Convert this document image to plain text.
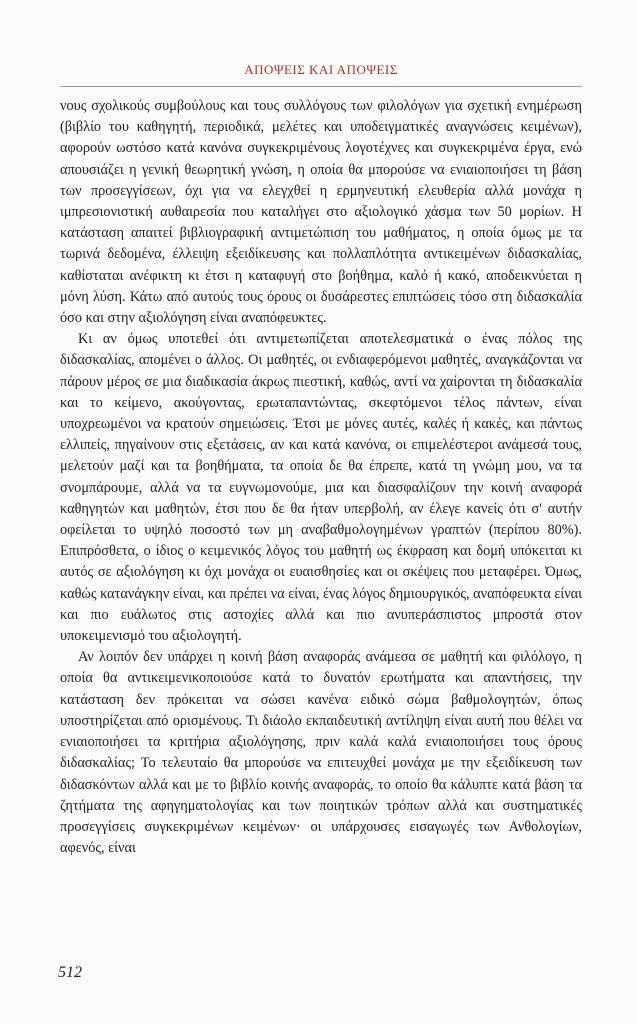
ΑΠΟΨΕΙΣ ΚΑΙ ΑΠΟΨΕΙΣ

νους σχολικούς συμβούλους και τους συλλόγους των φιλολόγων για σχετική ενημέρωση (βιβλίο του καθηγητή, περιοδικά, μελέτες και υποδειγματικές αναγνώσεις κειμένων), αφορούν ωστόσο κατά κανόνα συγκεκριμένους λογοτέχνες και συγκεκριμένα έργα, ενώ απουσιάζει η γενική θεωρητική γνώση, η οποία θα μπορούσε να ενιαιοποιήσει τη βάση των προσεγγίσεων, όχι για να ελεγχθεί η ερμηνευτική ελευθερία αλλά μονάχα η ιμπρεσιονιστική αυθαιρεσία που καταλήγει στο αξιολογικό χάσμα των 50 μορίων. Η κατάσταση απαιτεί βιβλιογραφική αντιμετώπιση του μαθήματος, η οποία όμως με τα τωρινά δεδομένα, έλλειψη εξειδίκευσης και πολλαπλότητα αντικειμένων διδασκαλίας, καθίσταται ανέφικτη κι έτσι η καταφυγή στο βοήθημα, καλό ή κακό, αποδεικνύεται η μόνη λύση. Κάτω από αυτούς τους όρους οι δυσάρεστες επιπτώσεις τόσο στη διδασκαλία όσο και στην αξιολόγηση είναι αναπόφευκτες.

Κι αν όμως υποτεθεί ότι αντιμετωπίζεται αποτελεσματικά ο ένας πόλος της διδασκαλίας, απομένει ο άλλος. Οι μαθητές, οι ενδιαφερόμενοι μαθητές, αναγκάζονται να πάρουν μέρος σε μια διαδικασία άκρως πιεστική, καθώς, αντί να χαίρονται τη διδασκαλία και το κείμενο, ακούγοντας, ερωταπαντώντας, σκεφτόμενοι τέλος πάντων, είναι υποχρεωμένοι να κρατούν σημειώσεις. Έτσι με μόνες αυτές, καλές ή κακές, και πάντως ελλιπείς, πηγαίνουν στις εξετάσεις, αν και κατά κανόνα, οι επιμελέστεροι ανάμεσά τους, μελετούν μαζί και τα βοηθήματα, τα οποία δε θα έπρεπε, κατά τη γνώμη μου, να τα σνομπάρουμε, αλλά να τα ευγνωμονούμε, μια και διασφαλίζουν την κοινή αναφορά καθηγητών και μαθητών, έτσι που δε θα ήταν υπερβολή, αν έλεγε κανείς ότι σ' αυτήν οφείλεται το υψηλό ποσοστό των μη αναβαθμολογημένων γραπτών (περίπου 80%). Επιπρόσθετα, ο ίδιος ο κειμενικός λόγος του μαθητή ως έκφραση και δομή υπόκειται κι αυτός σε αξιολόγηση κι όχι μονάχα οι ευαισθησίες και οι σκέψεις που μεταφέρει. Όμως, καθώς κατανάγκην είναι, και πρέπει να είναι, ένας λόγος δημιουργικός, αναπόφευκτα είναι και πιο ευάλωτος στις αστοχίες αλλά και πιο ανυπεράσπιστος μπροστά στον υποκειμενισμό του αξιολογητή.

Αν λοιπόν δεν υπάρχει η κοινή βάση αναφοράς ανάμεσα σε μαθητή και φιλόλογο, η οποία θα αντικειμενικοποιούσε κατά το δυνατόν ερωτήματα και απαντήσεις, την κατάσταση δεν πρόκειται να σώσει κανένα ειδικό σώμα βαθμολογητών, όπως υποστηρίζεται από ορισμένους. Τι διάολο εκπαιδευτική αντίληψη είναι αυτή που θέλει να ενιαιοποιήσει τα κριτήρια αξιολόγησης, πριν καλά καλά ενιαιοποιήσει τους όρους διδασκαλίας; Το τελευταίο θα μπορούσε να επιτευχθεί μονάχα με την εξειδίκευση των διδασκόντων αλλά και με το βιβλίο κοινής αναφοράς, το οποίο θα κάλυπτε κατά βάση τα ζητήματα της αφηγηματολογίας και των ποιητικών τρόπων αλλά και συστηματικές προσεγγίσεις συγκεκριμένων κειμένων· οι υπάρχουσες εισαγωγές των Ανθολογίων, αφενός, είναι

512
